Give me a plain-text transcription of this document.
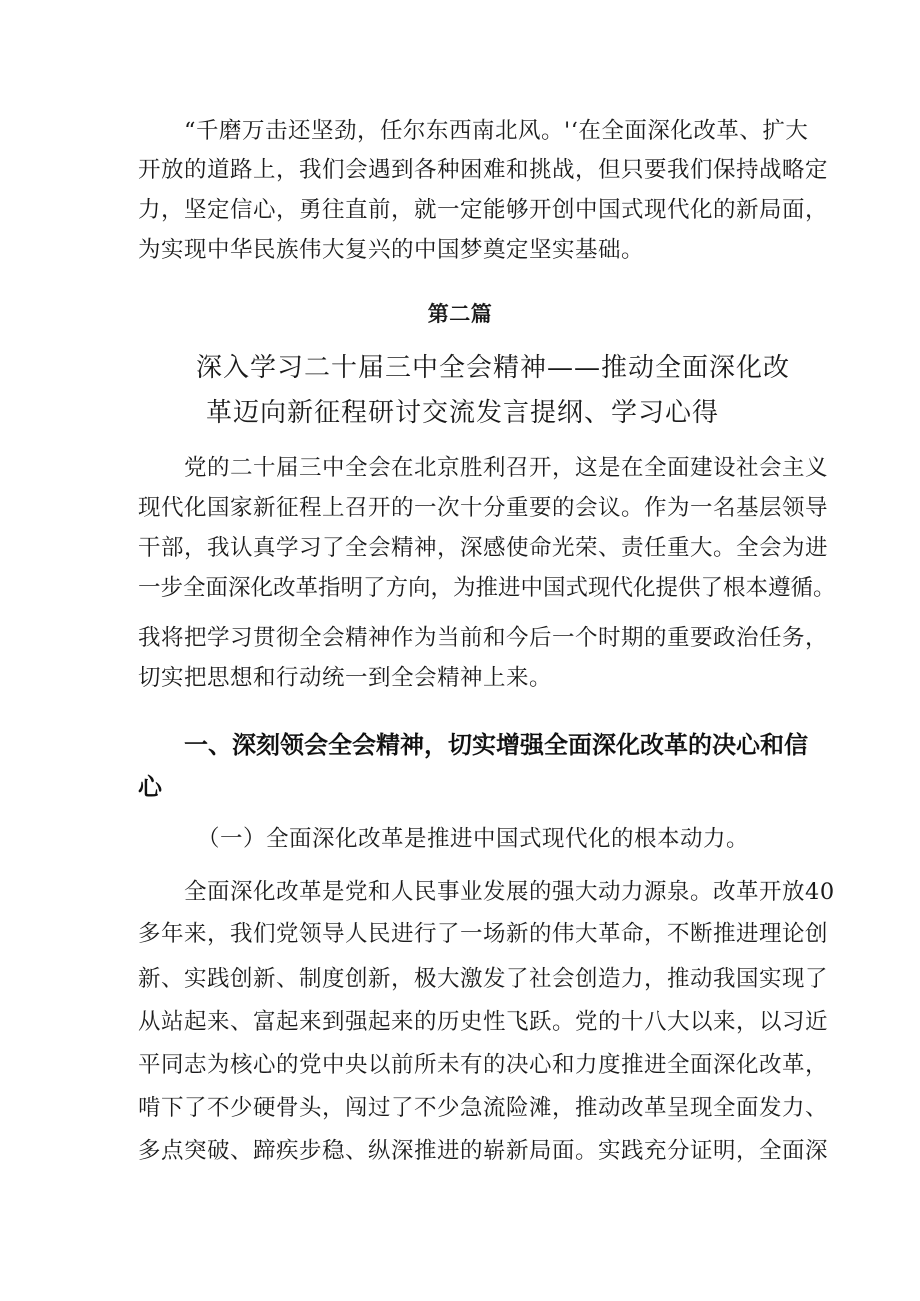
“千磨万击还坚劲，任尔东西南北风。'‘在全面深化改革、扩大
开放的道路上，我们会遇到各种困难和挑战，但只要我们保持战略定
力，坚定信心，勇往直前，就一定能够开创中国式现代化的新局面，
为实现中华民族伟大复兴的中国梦奠定坚实基础。
第二篇
深入学习二十届三中全会精神——推动全面深化改
革迈向新征程研讨交流发言提纲、学习心得
党的二十届三中全会在北京胜利召开，这是在全面建设社会主义
现代化国家新征程上召开的一次十分重要的会议。作为一名基层领导
干部，我认真学习了全会精神，深感使命光荣、责任重大。全会为进
一步全面深化改革指明了方向，为推进中国式现代化提供了根本遵循。
我将把学习贯彻全会精神作为当前和今后一个时期的重要政治任务，
切实把思想和行动统一到全会精神上来。
一、深刻领会全会精神，切实增强全面深化改革的决心和信
心
（一）全面深化改革是推进中国式现代化的根本动力。
全面深化改革是党和人民事业发展的强大动力源泉。改革开放40
多年来，我们党领导人民进行了一场新的伟大革命，不断推进理论创
新、实践创新、制度创新，极大激发了社会创造力，推动我国实现了
从站起来、富起来到强起来的历史性飞跃。党的十八大以来，以习近
平同志为核心的党中央以前所未有的决心和力度推进全面深化改革，
啃下了不少硬骨头，闯过了不少急流险滩，推动改革呈现全面发力、
多点突破、蹄疾步稳、纵深推进的崭新局面。实践充分证明，全面深
